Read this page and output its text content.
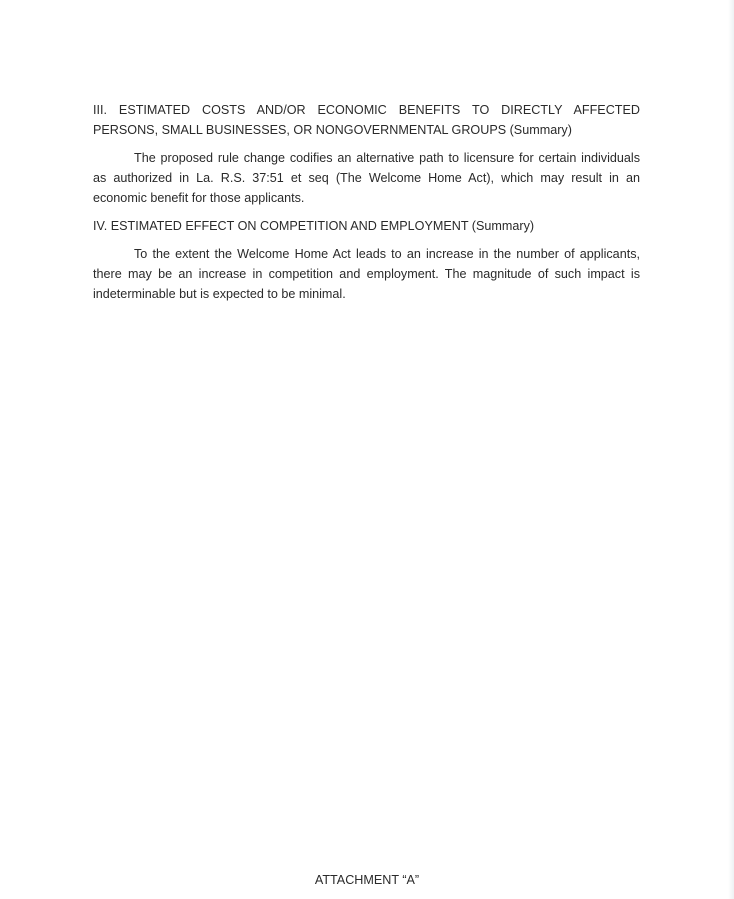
III. ESTIMATED COSTS AND/OR ECONOMIC BENEFITS TO DIRECTLY AFFECTED PERSONS, SMALL BUSINESSES, OR NONGOVERNMENTAL GROUPS (Summary)

The proposed rule change codifies an alternative path to licensure for certain individuals as authorized in La. R.S. 37:51 et seq (The Welcome Home Act), which may result in an economic benefit for those applicants.

IV. ESTIMATED EFFECT ON COMPETITION AND EMPLOYMENT (Summary)

To the extent the Welcome Home Act leads to an increase in the number of applicants, there may be an increase in competition and employment. The magnitude of such impact is indeterminable but is expected to be minimal.

ATTACHMENT “A”
